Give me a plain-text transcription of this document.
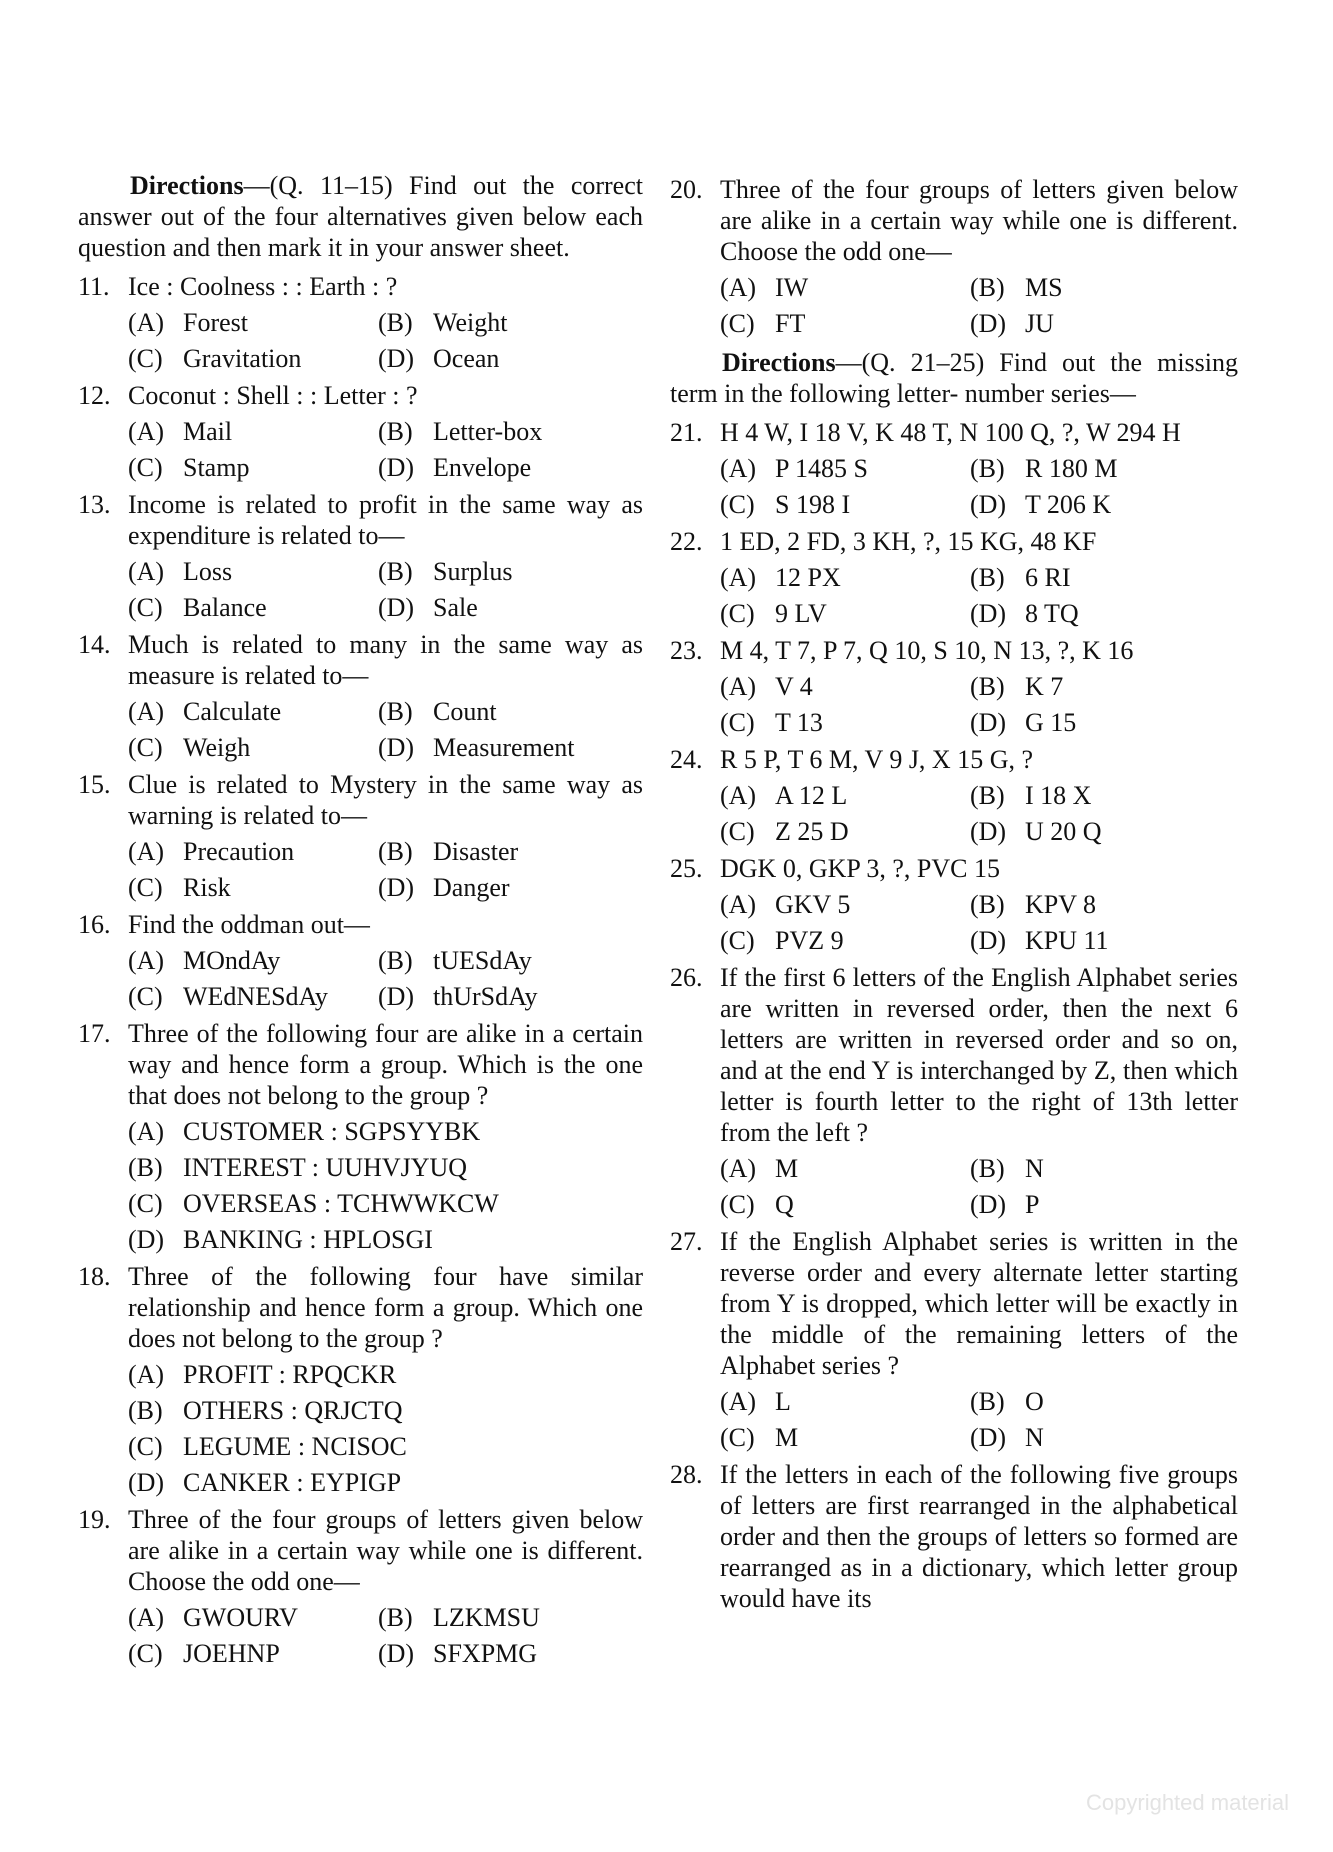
Directions—(Q. 11–15) Find out the correct answer out of the four alternatives given below each question and then mark it in your answer sheet.

11. Ice : Coolness : : Earth : ?
(A) Forest	(B) Weight
(C) Gravitation	(D) Ocean
12. Coconut : Shell : : Letter : ?
(A) Mail	(B) Letter-box
(C) Stamp	(D) Envelope
13. Income is related to profit in the same way as expenditure is related to—
(A) Loss	(B) Surplus
(C) Balance	(D) Sale
14. Much is related to many in the same way as measure is related to—
(A) Calculate	(B) Count
(C) Weigh	(D) Measurement
15. Clue is related to Mystery in the same way as warning is related to—
(A) Precaution	(B) Disaster
(C) Risk	(D) Danger
16. Find the oddman out—
(A) MOndAy	(B) tUESdAy
(C) WEdNESdAy	(D) thUrSdAy
17. Three of the following four are alike in a certain way and hence form a group. Which is the one that does not belong to the group ?
(A) CUSTOMER : SGPSYYBK
(B) INTEREST : UUHVJYUQ
(C) OVERSEAS : TCHWWKCW
(D) BANKING : HPLOSGI
18. Three of the following four have similar relationship and hence form a group. Which one does not belong to the group ?
(A) PROFIT : RPQCKR
(B) OTHERS : QRJCTQ
(C) LEGUME : NCISOC
(D) CANKER : EYPIGP
19. Three of the four groups of letters given below are alike in a certain way while one is different. Choose the odd one—
(A) GWOURV	(B) LZKMSU
(C) JOEHNP	(D) SFXPMG
20. Three of the four groups of letters given below are alike in a certain way while one is different. Choose the odd one—
(A) IW	(B) MS
(C) FT	(D) JU

Directions—(Q. 21–25) Find out the missing term in the following letter- number series—

21. H 4 W, I 18 V, K 48 T, N 100 Q, ?, W 294 H
(A) P 1485 S	(B) R 180 M
(C) S 198 I	(D) T 206 K
22. 1 ED, 2 FD, 3 KH, ?, 15 KG, 48 KF
(A) 12 PX	(B) 6 RI
(C) 9 LV	(D) 8 TQ
23. M 4, T 7, P 7, Q 10, S 10, N 13, ?, K 16
(A) V 4	(B) K 7
(C) T 13	(D) G 15
24. R 5 P, T 6 M, V 9 J, X 15 G, ?
(A) A 12 L	(B) I 18 X
(C) Z 25 D	(D) U 20 Q
25. DGK 0, GKP 3, ?, PVC 15
(A) GKV 5	(B) KPV 8
(C) PVZ 9	(D) KPU 11
26. If the first 6 letters of the English Alphabet series are written in reversed order, then the next 6 letters are written in reversed order and so on, and at the end Y is interchanged by Z, then which letter is fourth letter to the right of 13th letter from the left ?
(A) M	(B) N
(C) Q	(D) P
27. If the English Alphabet series is written in the reverse order and every alternate letter starting from Y is dropped, which letter will be exactly in the middle of the remaining letters of the Alphabet series ?
(A) L	(B) O
(C) M	(D) N
28. If the letters in each of the following five groups of letters are first rearranged in the alphabetical order and then the groups of letters so formed are rearranged as in a dictionary, which letter group would have its
Copyrighted material
